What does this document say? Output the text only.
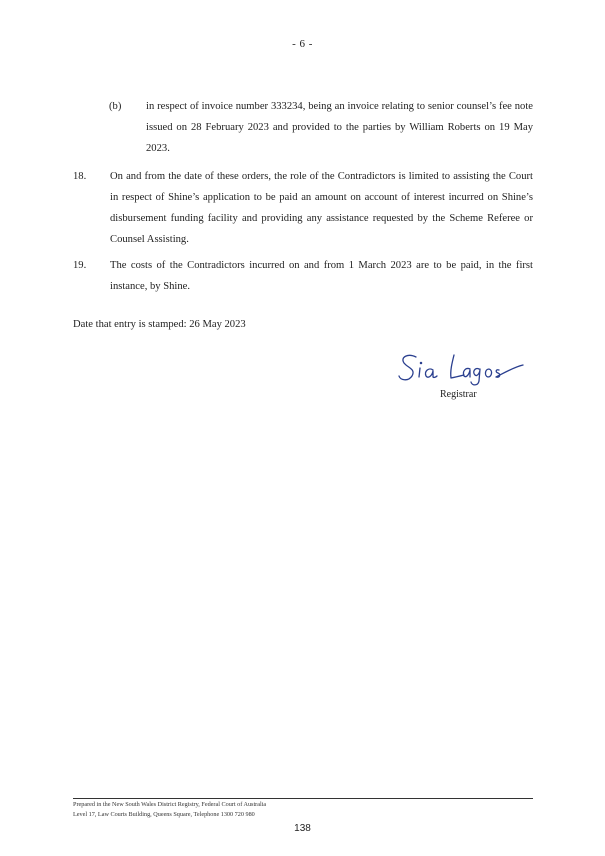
- 6 -
(b) in respect of invoice number 333234, being an invoice relating to senior counsel’s fee note issued on 28 February 2023 and provided to the parties by William Roberts on 19 May 2023.
18. On and from the date of these orders, the role of the Contradictors is limited to assisting the Court in respect of Shine’s application to be paid an amount on account of interest incurred on Shine’s disbursement funding facility and providing any assistance requested by the Scheme Referee or Counsel Assisting.
19. The costs of the Contradictors incurred on and from 1 March 2023 are to be paid, in the first instance, by Shine.
Date that entry is stamped: 26 May 2023
Registrar
Prepared in the New South Wales District Registry, Federal Court of Australia
Level 17, Law Courts Building, Queens Square, Telephone 1300 720 980
138
